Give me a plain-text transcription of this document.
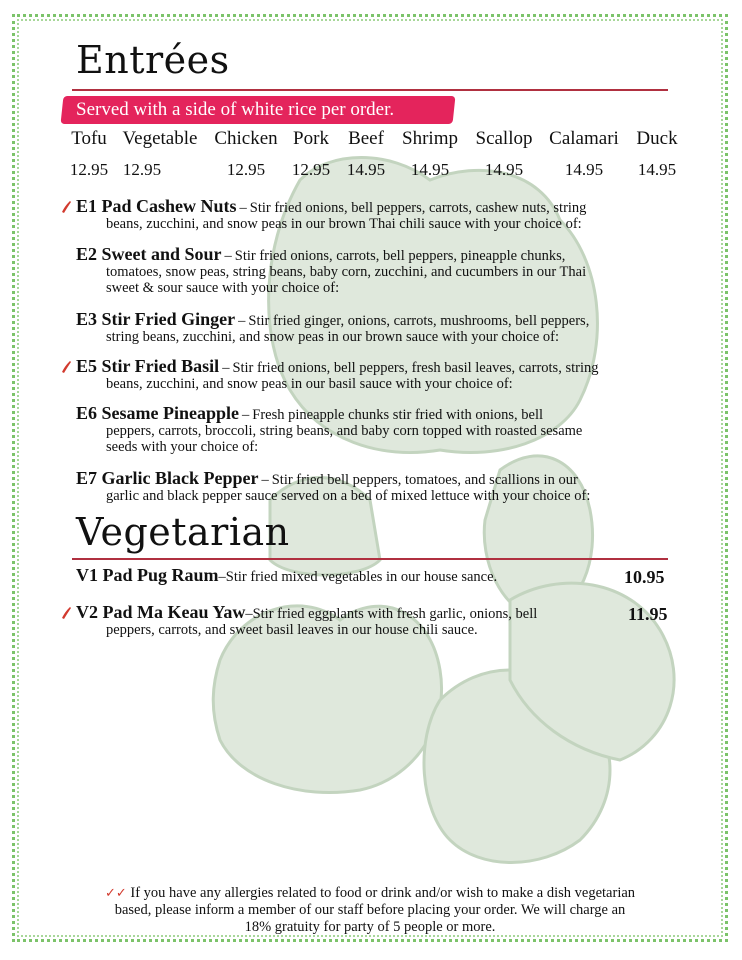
Entrées
Served with a side of white rice per order.
Tofu
12.95
Vegetable
12.95
Chicken
12.95
Pork
12.95
Beef
14.95
Shrimp
14.95
Scallop
14.95
Calamari
14.95
Duck
14.95
E1 Pad Cashew Nuts – Stir fried onions, bell peppers, carrots, cashew nuts, string
beans, zucchini, and snow peas in our brown Thai chili sauce with your choice of:
E2 Sweet and Sour – Stir fried onions, carrots, bell peppers, pineapple chunks,
tomatoes, snow peas, string beans, baby corn, zucchini, and cucumbers in our Thai
sweet & sour sauce with your choice of:
E3 Stir Fried Ginger – Stir fried ginger, onions, carrots, mushrooms, bell peppers,
string beans, zucchini, and snow peas in our brown sauce with your choice of:
E5 Stir Fried Basil – Stir fried onions, bell peppers, fresh basil leaves, carrots, string
beans, zucchini, and snow peas in our basil sauce with your choice of:
E6 Sesame Pineapple – Fresh pineapple chunks stir fried with onions, bell
peppers, carrots, broccoli, string beans, and baby corn topped with roasted sesame
seeds with your choice of:
E7 Garlic Black Pepper – Stir fried bell peppers, tomatoes, and scallions in our
garlic and black pepper sauce served on a bed of mixed lettuce with your choice of:
Vegetarian
V1 Pad Pug Raum–Stir fried mixed vegetables in our house sance.	10.95
V2 Pad Ma Keau Yaw–Stir fried eggplants with fresh garlic, onions, bell
peppers, carrots, and sweet basil leaves in our house chili sauce.
11.95
✓✓ If you have any allergies related to food or drink and/or wish to make a dish vegetarian
based, please inform a member of our staff before placing your order. We will charge an
18% gratuity for party of 5 people or more.
